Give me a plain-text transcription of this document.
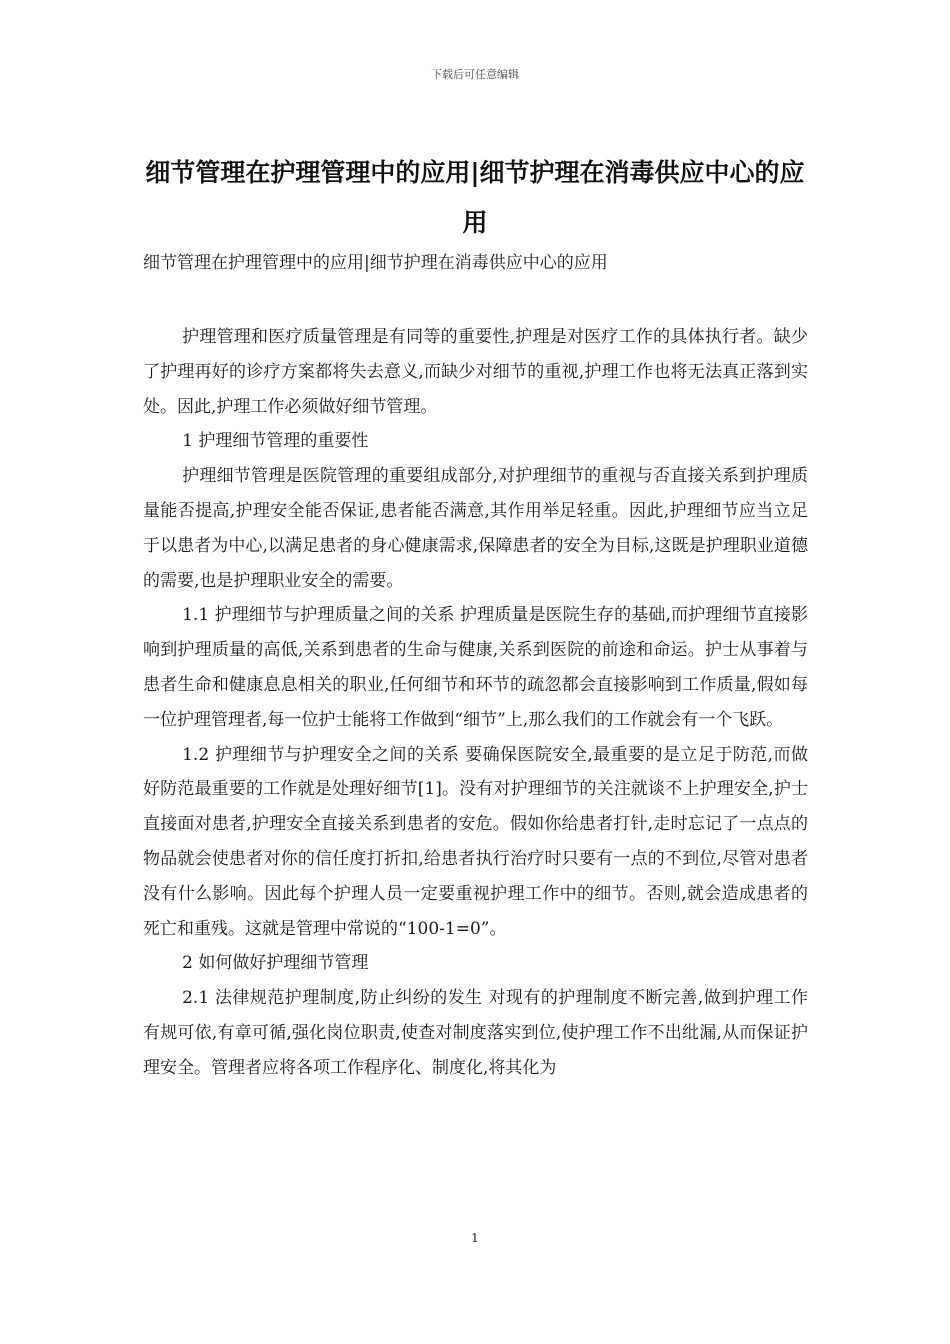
下载后可任意编辑
细节管理在护理管理中的应用|细节护理在消毒供应中心的应用
细节管理在护理管理中的应用|细节护理在消毒供应中心的应用

护理管理和医疗质量管理是有同等的重要性,护理是对医疗工作的具体执行者。缺少了护理再好的诊疗方案都将失去意义,而缺少对细节的重视,护理工作也将无法真正落到实处。因此,护理工作必须做好细节管理。

1 护理细节管理的重要性

护理细节管理是医院管理的重要组成部分,对护理细节的重视与否直接关系到护理质量能否提高,护理安全能否保证,患者能否满意,其作用举足轻重。因此,护理细节应当立足于以患者为中心,以满足患者的身心健康需求,保障患者的安全为目标,这既是护理职业道德的需要,也是护理职业安全的需要。

1.1 护理细节与护理质量之间的关系 护理质量是医院生存的基础,而护理细节直接影响到护理质量的高低,关系到患者的生命与健康,关系到医院的前途和命运。护士从事着与患者生命和健康息息相关的职业,任何细节和环节的疏忽都会直接影响到工作质量,假如每一位护理管理者,每一位护士能将工作做到“细节”上,那么我们的工作就会有一个飞跃。

1.2 护理细节与护理安全之间的关系 要确保医院安全,最重要的是立足于防范,而做好防范最重要的工作就是处理好细节[1]。没有对护理细节的关注就谈不上护理安全,护士直接面对患者,护理安全直接关系到患者的安危。假如你给患者打针,走时忘记了一点点的物品就会使患者对你的信任度打折扣,给患者执行治疗时只要有一点的不到位,尽管对患者没有什么影响。因此每个护理人员一定要重视护理工作中的细节。否则,就会造成患者的死亡和重残。这就是管理中常说的“100-1=0”。

2 如何做好护理细节管理

2.1 法律规范护理制度,防止纠纷的发生 对现有的护理制度不断完善,做到护理工作有规可依,有章可循,强化岗位职责,使查对制度落实到位,使护理工作不出纰漏,从而保证护理安全。管理者应将各项工作程序化、制度化,将其化为

1
